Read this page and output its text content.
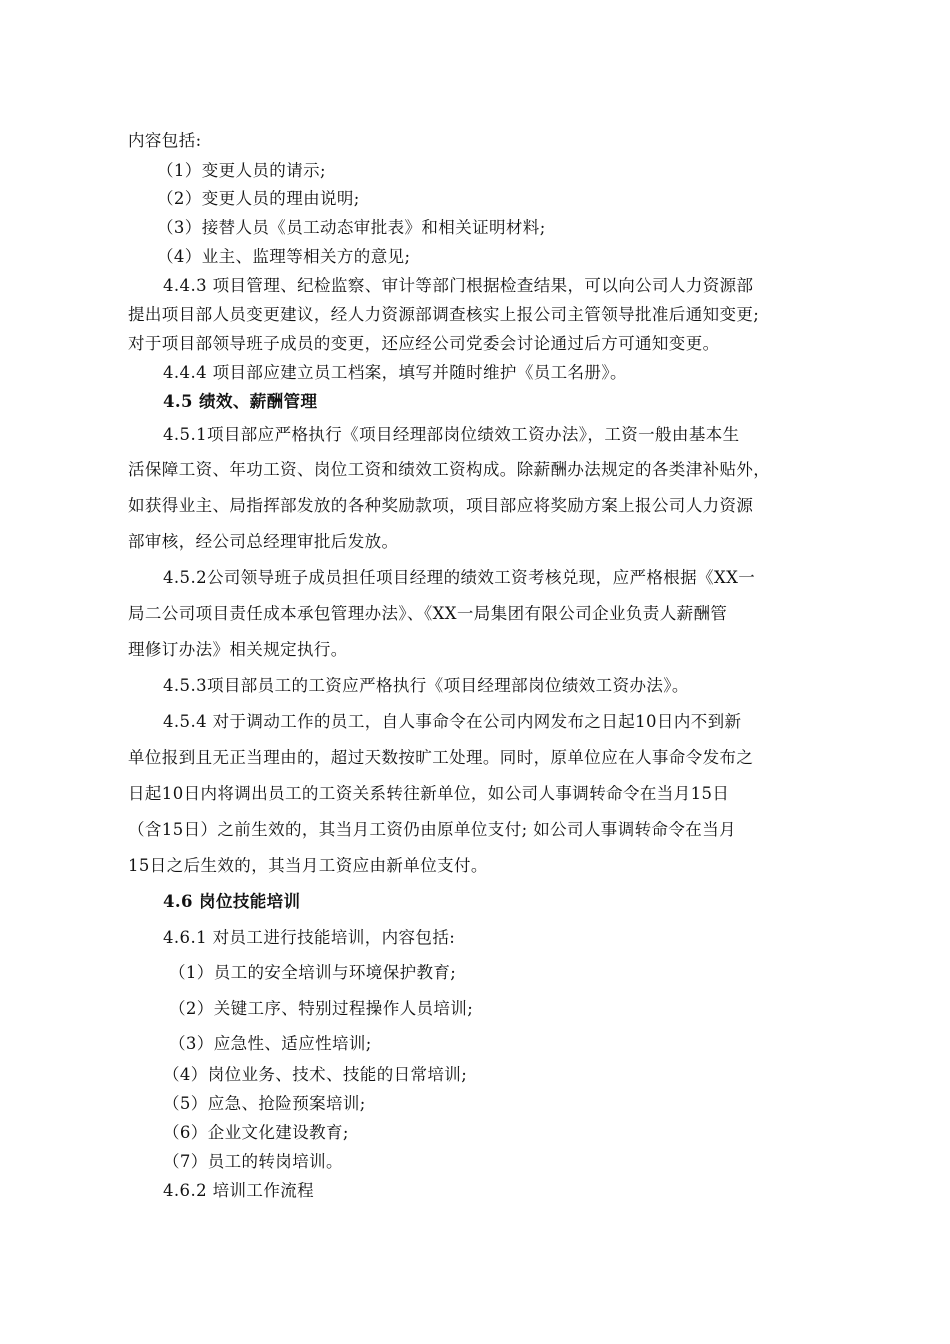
内容包括:
（1）变更人员的请示;
（2）变更人员的理由说明;
（3）接替人员《员工动态审批表》和相关证明材料;
（4）业主、监理等相关方的意见;
4.4.3 项目管理、纪检监察、审计等部门根据检查结果，可以向公司人力资源部
提出项目部人员变更建议，经人力资源部调查核实上报公司主管领导批准后通知变更;
对于项目部领导班子成员的变更，还应经公司党委会讨论通过后方可通知变更。
4.4.4 项目部应建立员工档案，填写并随时维护《员工名册》。
4.5 绩效、薪酬管理
4.5.1项目部应严格执行《项目经理部岗位绩效工资办法》，工资一般由基本生
活保障工资、年功工资、岗位工资和绩效工资构成。除薪酬办法规定的各类津补贴外，
如获得业主、局指挥部发放的各种奖励款项，项目部应将奖励方案上报公司人力资源
部审核，经公司总经理审批后发放。
4.5.2公司领导班子成员担任项目经理的绩效工资考核兑现，应严格根据《XX一
局二公司项目责任成本承包管理办法》、《XX一局集团有限公司企业负责人薪酬管
理修订办法》相关规定执行。
4.5.3项目部员工的工资应严格执行《项目经理部岗位绩效工资办法》。
4.5.4 对于调动工作的员工，自人事命令在公司内网发布之日起10日内不到新
单位报到且无正当理由的，超过天数按旷工处理。同时，原单位应在人事命令发布之
日起10日内将调出员工的工资关系转往新单位，如公司人事调转命令在当月15日
（含15日）之前生效的，其当月工资仍由原单位支付; 如公司人事调转命令在当月
15日之后生效的，其当月工资应由新单位支付。
4.6 岗位技能培训
4.6.1 对员工进行技能培训，内容包括:
（1）员工的安全培训与环境保护教育;
（2）关键工序、特别过程操作人员培训;
（3）应急性、适应性培训;
（4）岗位业务、技术、技能的日常培训;
（5）应急、抢险预案培训;
（6）企业文化建设教育;
（7）员工的转岗培训。
4.6.2 培训工作流程
